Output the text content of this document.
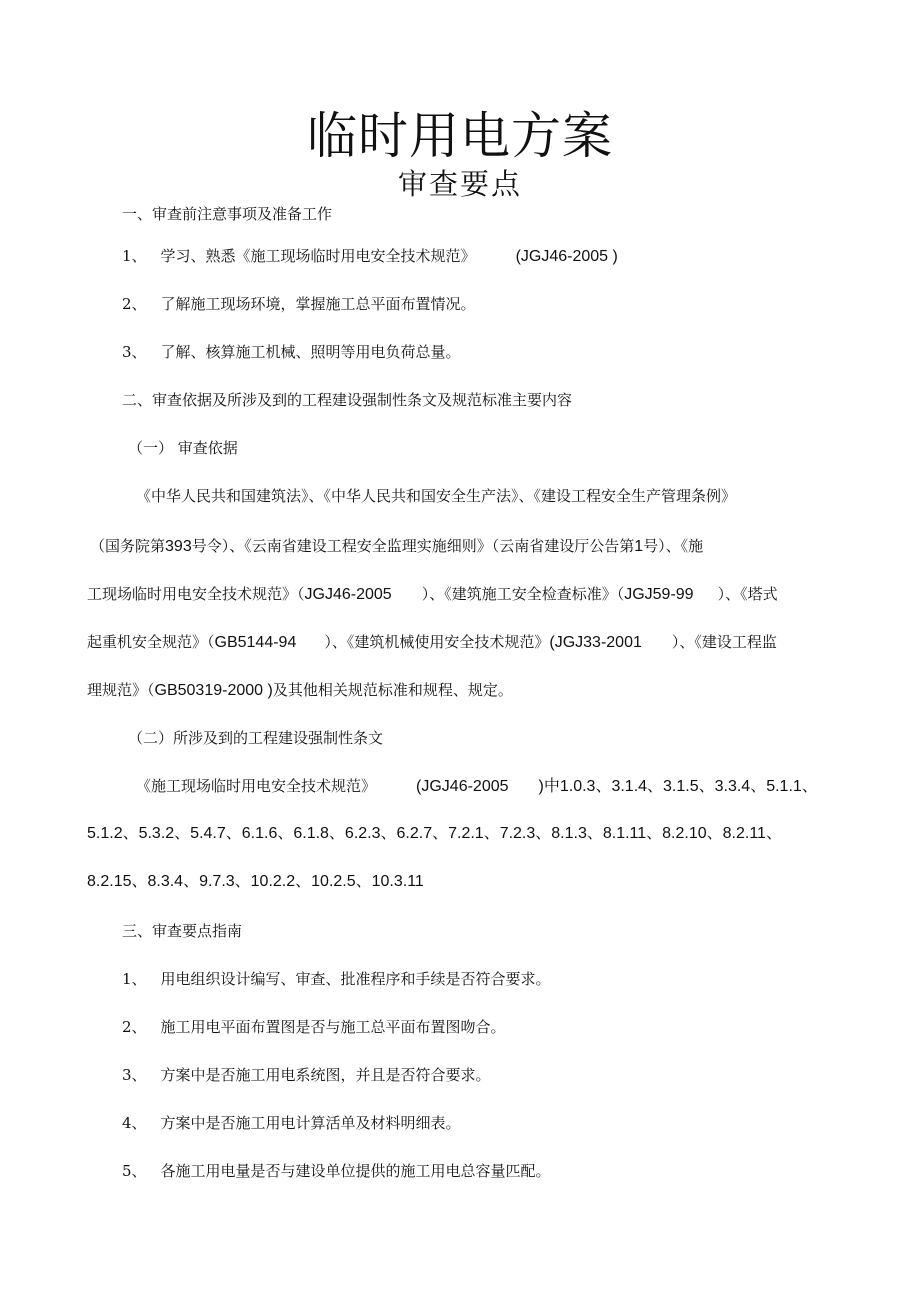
临时用电方案
审查要点
一、审查前注意事项及准备工作
1、 学习、熟悉《施工现场临时用电安全技术规范》	(JGJ46-2005 )
2、 了解施工现场环境，掌握施工总平面布置情况。
3、 了解、核算施工机械、照明等用电负荷总量。
二、审查依据及所涉及到的工程建设强制性条文及规范标准主要内容
（一） 审查依据
《中华人民共和国建筑法》、《中华人民共和国安全生产法》、《建设工程安全生产管理条例》
（国务院第393号令）、《云南省建设工程安全监理实施细则》（云南省建设厅公告第1号）、《施
工现场临时用电安全技术规范》（JGJ46-2005 ）、《建筑施工安全检查标准》（JGJ59-99 ）、《塔式
起重机安全规范》（GB5144-94 ）、《建筑机械使用安全技术规范》(JGJ33-2001 ）、《建设工程监
理规范》（GB50319-2000 )及其他相关规范标准和规程、规定。
（二）所涉及到的工程建设强制性条文
《施工现场临时用电安全技术规范》	(JGJ46-2005 )中1.0.3、3.1.4、3.1.5、3.3.4、5.1.1、
5.1.2、5.3.2、5.4.7、6.1.6、6.1.8、6.2.3、6.2.7、7.2.1、7.2.3、8.1.3、8.1.11、8.2.10、8.2.11、
8.2.15、8.3.4、9.7.3、10.2.2、10.2.5、10.3.11
三、审查要点指南
1、 用电组织设计编写、审查、批准程序和手续是否符合要求。
2、 施工用电平面布置图是否与施工总平面布置图吻合。
3、 方案中是否施工用电系统图，并且是否符合要求。
4、 方案中是否施工用电计算活单及材料明细表。
5、 各施工用电量是否与建设单位提供的施工用电总容量匹配。
